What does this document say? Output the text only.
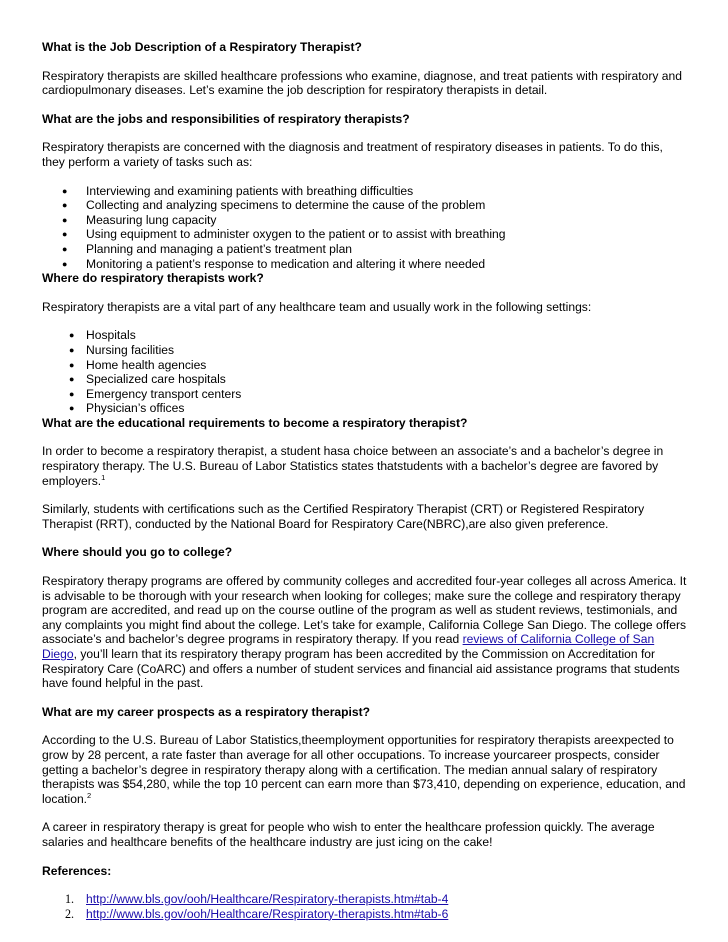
What is the Job Description of a Respiratory Therapist?

Respiratory therapists are skilled healthcare professions who examine, diagnose, and treat patients with respiratory and cardiopulmonary diseases. Let’s examine the job description for respiratory therapists in detail.

What are the jobs and responsibilities of respiratory therapists?

Respiratory therapists are concerned with the diagnosis and treatment of respiratory diseases in patients. To do this, they perform a variety of tasks such as:

● Interviewing and examining patients with breathing difficulties
● Collecting and analyzing specimens to determine the cause of the problem
● Measuring lung capacity
● Using equipment to administer oxygen to the patient or to assist with breathing
● Planning and managing a patient’s treatment plan
● Monitoring a patient’s response to medication and altering it where needed
Where do respiratory therapists work?

Respiratory therapists are a vital part of any healthcare team and usually work in the following settings:

● Hospitals
● Nursing facilities
● Home health agencies
● Specialized care hospitals
● Emergency transport centers
● Physician’s offices
What are the educational requirements to become a respiratory therapist?

In order to become a respiratory therapist, a student hasa choice between an associate’s and a bachelor’s degree in respiratory therapy. The U.S. Bureau of Labor Statistics states thatstudents with a bachelor’s degree are favored by employers.$^1$

Similarly, students with certifications such as the Certified Respiratory Therapist (CRT) or Registered Respiratory Therapist (RRT), conducted by the National Board for Respiratory Care(NBRC),are also given preference.

Where should you go to college?

Respiratory therapy programs are offered by community colleges and accredited four-year colleges all across America. It is advisable to be thorough with your research when looking for colleges; make sure the college and respiratory therapy program are accredited, and read up on the course outline of the program as well as student reviews, testimonials, and any complaints you might find about the college. Let’s take for example, California College San Diego. The college offers associate’s and bachelor’s degree programs in respiratory therapy. If you read reviews of California College of San Diego, you’ll learn that its respiratory therapy program has been accredited by the Commission on Accreditation for Respiratory Care (CoARC) and offers a number of student services and financial aid assistance programs that students have found helpful in the past.

What are my career prospects as a respiratory therapist?

According to the U.S. Bureau of Labor Statistics,theemployment opportunities for respiratory therapists areexpected to grow by 28 percent, a rate faster than average for all other occupations. To increase yourcareer prospects, consider getting a bachelor’s degree in respiratory therapy along with a certification. The median annual salary of respiratory therapists was $54,280, while the top 10 percent can earn more than $73,410, depending on experience, education, and location.$^2$

A career in respiratory therapy is great for people who wish to enter the healthcare profession quickly. The average salaries and healthcare benefits of the healthcare industry are just icing on the cake!

References:
1. http://www.bls.gov/ooh/Healthcare/Respiratory-therapists.htm#tab-4
2. http://www.bls.gov/ooh/Healthcare/Respiratory-therapists.htm#tab-6
